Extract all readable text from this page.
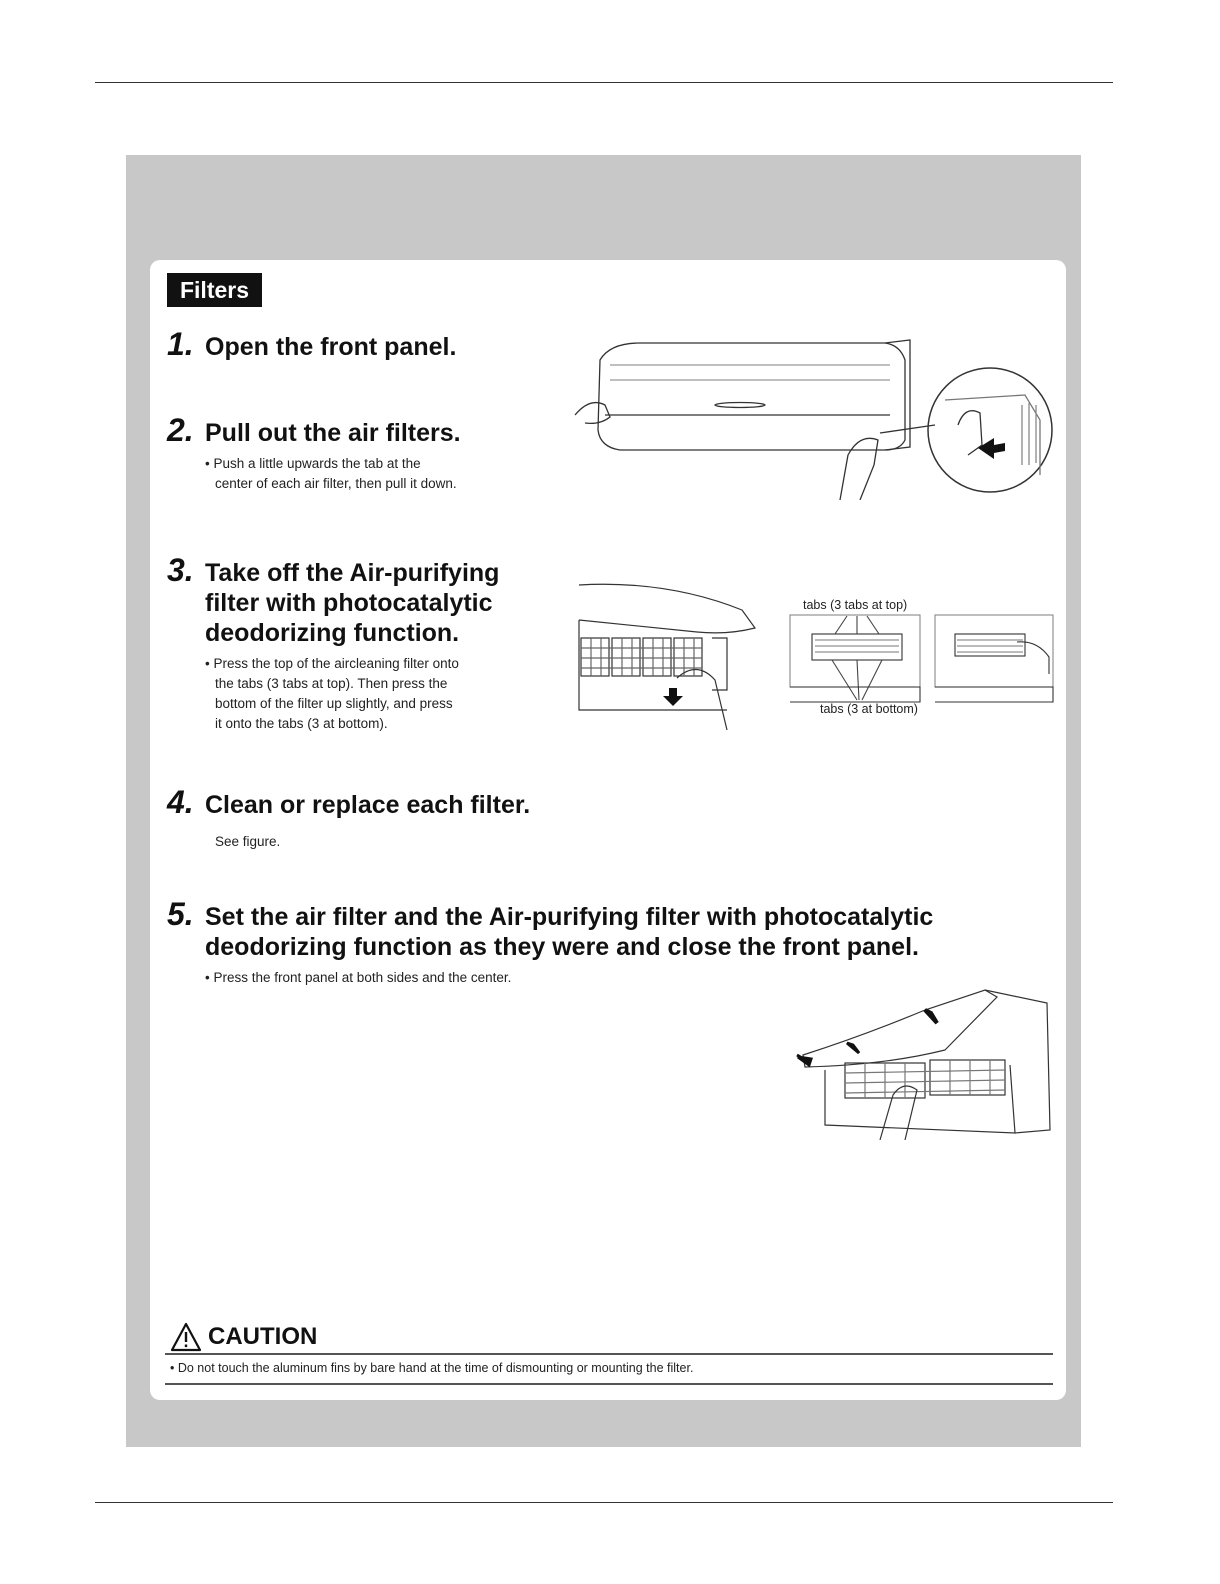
Filters
1. Open the front panel.
2. Pull out the air filters.
• Push a little upwards the tab at the
center of each air filter, then pull it down.
3. Take off the Air-purifying
filter with photocatalytic
deodorizing function.
• Press the top of the aircleaning filter onto
the tabs (3 tabs at top). Then press the
bottom of the filter up slightly, and press
it onto the tabs (3 at bottom).
4. Clean or replace each filter.
See figure.
5. Set the air filter and the Air-purifying filter with photocatalytic
deodorizing function as they were and close the front panel.
• Press the front panel at both sides and the center.
tabs (3 tabs at top)
tabs (3 at bottom)
CAUTION
• Do not touch the aluminum fins by bare hand at the time of dismounting or mounting the filter.
